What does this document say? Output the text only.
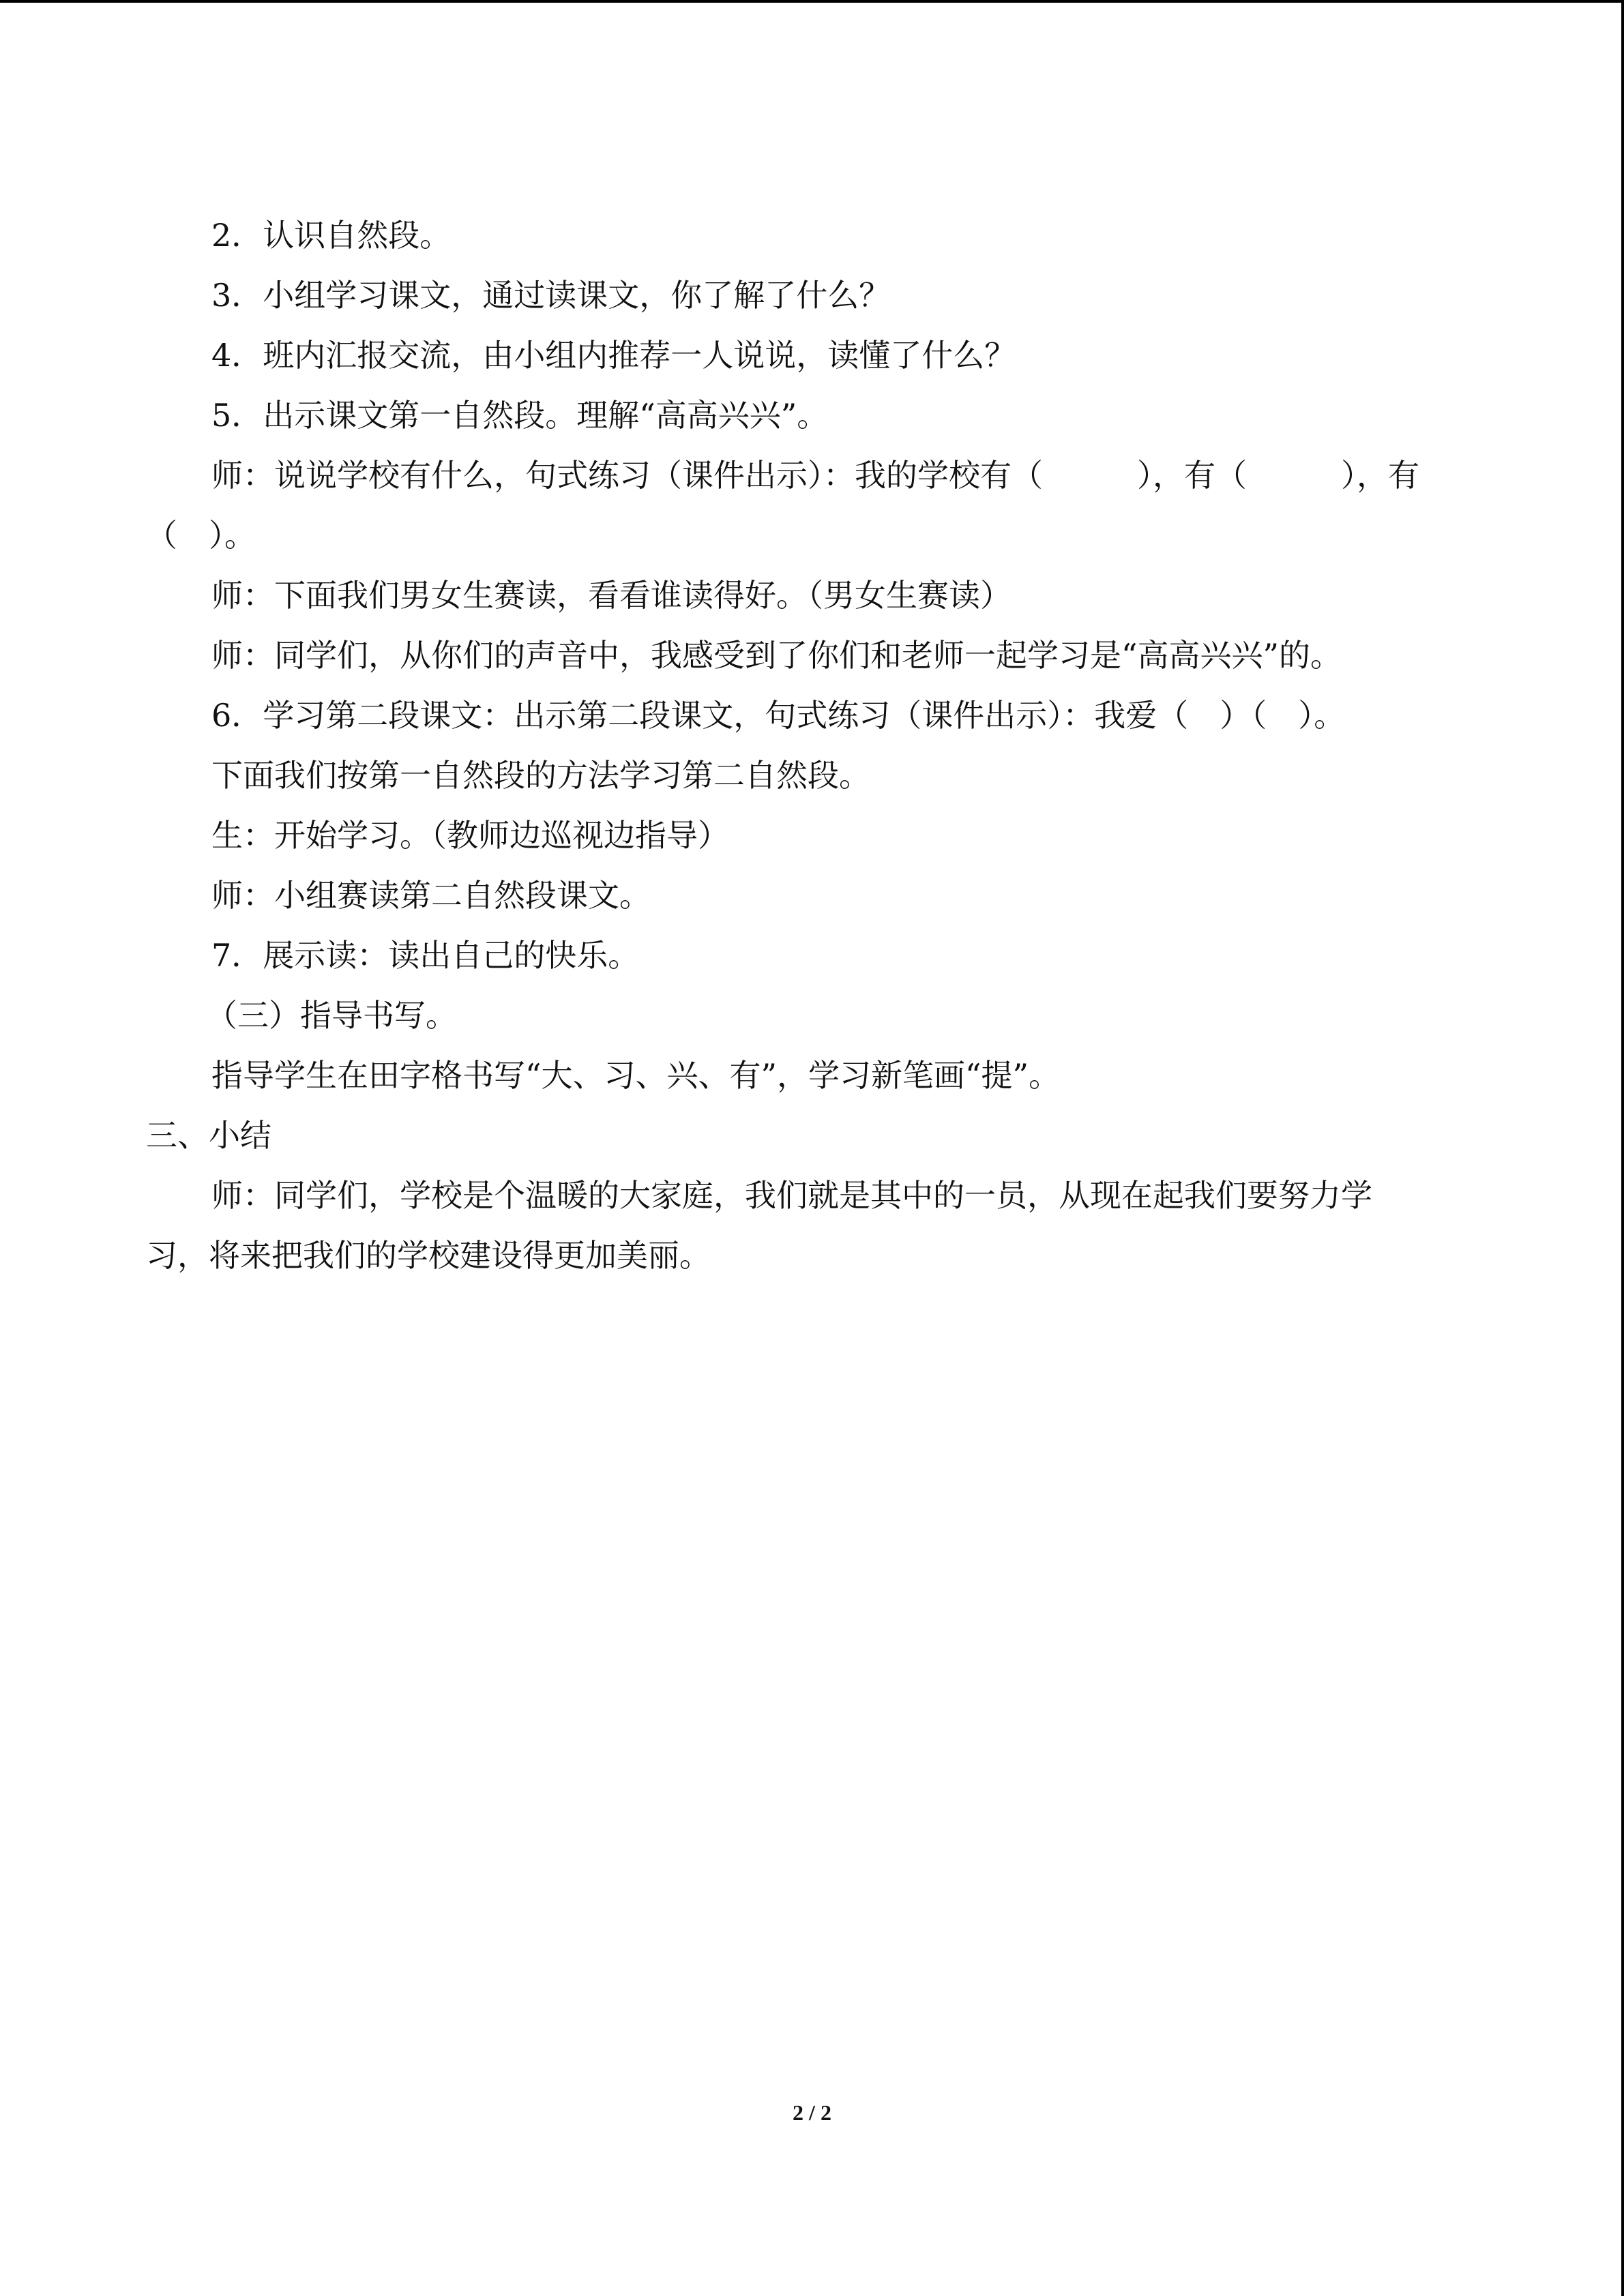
2．认识自然段。
3．小组学习课文，通过读课文，你了解了什么？
4．班内汇报交流，由小组内推荐一人说说，读懂了什么？
5．出示课文第一自然段。理解“高高兴兴”。
师：说说学校有什么，句式练习（课件出示）：我的学校有（　　　），有（　　　），有
（　）。
师：下面我们男女生赛读，看看谁读得好。（男女生赛读）
师：同学们，从你们的声音中，我感受到了你们和老师一起学习是“高高兴兴”的。
6．学习第二段课文：出示第二段课文，句式练习（课件出示）：我爱（　）（　）。
下面我们按第一自然段的方法学习第二自然段。
生：开始学习。（教师边巡视边指导）
师：小组赛读第二自然段课文。
7．展示读：读出自己的快乐。
（三）指导书写。
指导学生在田字格书写“大、习、兴、有”，学习新笔画“提”。
三、小结
师：同学们，学校是个温暖的大家庭，我们就是其中的一员，从现在起我们要努力学
习，将来把我们的学校建设得更加美丽。
2 / 2
